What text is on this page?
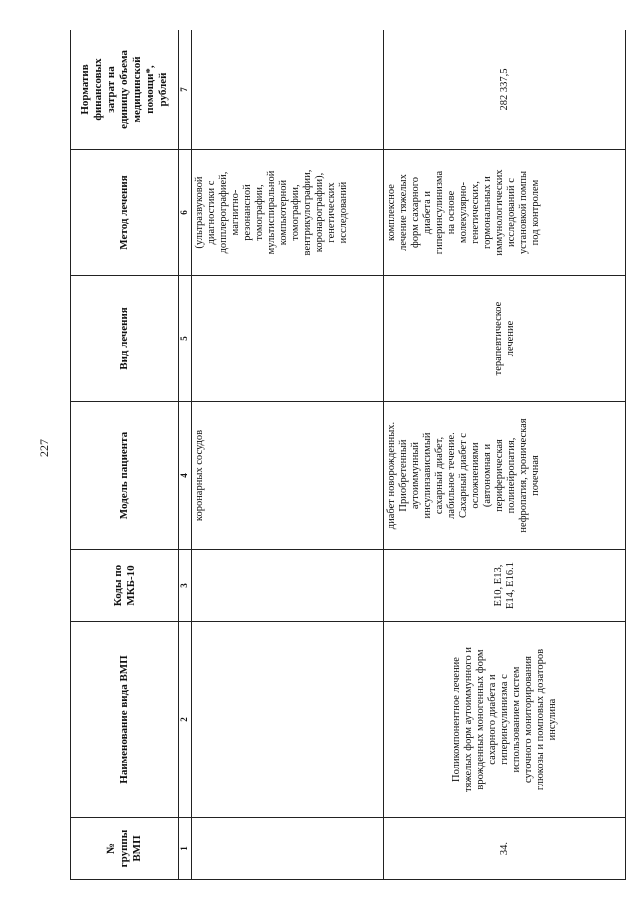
227
№
группы
ВМП
Наименование вида ВМП
Коды по
МКБ-10
Модель пациента
Вид лечения
Метод лечения
Норматив
финансовых
затрат на
единицу объема
медицинской
помощи*,
рублей
1
2
3
4
5
6
7
коронарных сосудов
(ультразвуковой
диагностики с
допплерографией,
магнитно-
резонансной
томографии,
мультиспиральной
компьютерной
томографии,
вентрикулографии,
коронарографии),
генетических
исследований
34.
Поликомпонентное лечение
тяжелых форм аутоиммунного и
врожденных моногенных форм
сахарного диабета и
гиперинсулинизма с
использованием систем
суточного мониторирования
глюкозы и помповых дозаторов
инсулина
E10, E13,
E14, E16.1
диабет новорожденных.
Приобретенный
аутоиммунный
инсулинзависимый
сахарный диабет,
лабильное течение.
Сахарный диабет с
осложнениями
(автономная и
периферическая
полинейропатия,
нефропатия, хроническая
почечная
терапевтическое
лечение
комплексное
лечение тяжелых
форм сахарного
диабета и
гиперинсулинизма
на основе
молекулярно-
генетических,
гормональных и
иммунологических
исследований с
установкой помпы
под контролем
282 337,5
